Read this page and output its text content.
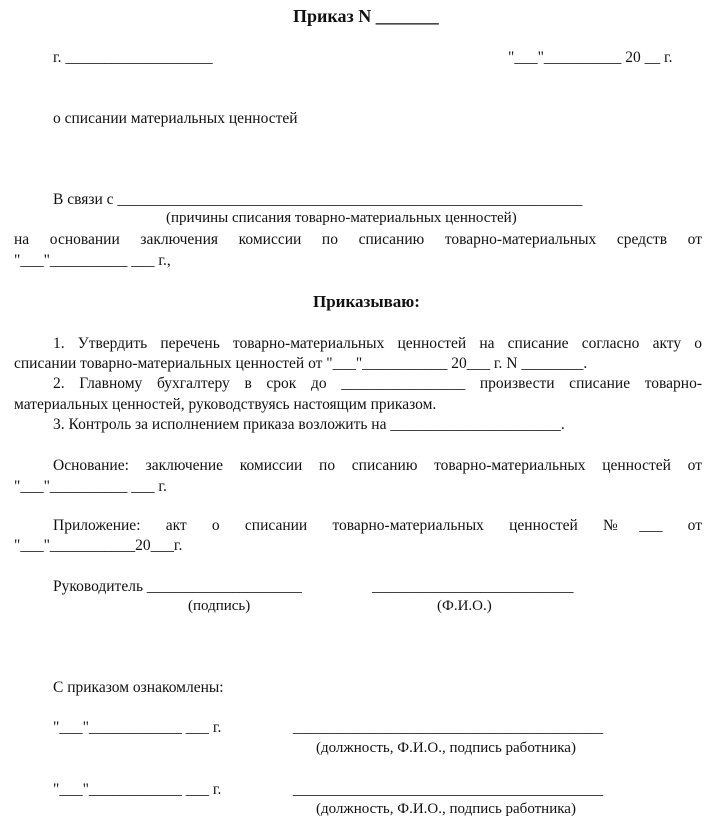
Приказ N _______
г. ___________________	"___"__________ 20 __ г.
о списании материальных ценностей
В связи с ____________________________________________________________
(причины списания товарно-материальных ценностей)
на основании заключения комиссии по списанию товарно-материальных средств от
"___"__________ ___ г.,
Приказываю:
1. Утвердить перечень товарно-материальных ценностей на списание согласно акту о
списании товарно-материальных ценностей от "___"___________ 20___ г. N ________.
2. Главному бухгалтеру в срок до ________________ произвести списание товарно-
материальных ценностей, руководствуясь настоящим приказом.
3. Контроль за исполнением приказа возложить на ______________________.
Основание: заключение комиссии по списанию товарно-материальных ценностей от
"___"__________ ___ г.
Приложение: акт о списании товарно-материальных ценностей №___ от
"___"___________20___г.
Руководитель ____________________	__________________________
(подпись)	(Ф.И.О.)
С приказом ознакомлены:
"___"____________ ___ г.	________________________________________
(должность, Ф.И.О., подпись работника)
"___"____________ ___ г.	________________________________________
(должность, Ф.И.О., подпись работника)
